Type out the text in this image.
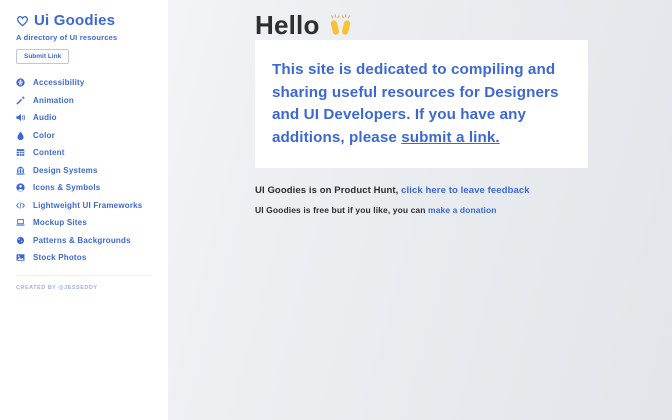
Ui Goodies
A directory of UI resources
Submit Link
Accessibility
Animation
Audio
Color
Content
Design Systems
Icons & Symbols
Lightweight UI Frameworks
Mockup Sites
Patterns & Backgrounds
Stock Photos
CREATED BY @JESSEDDY
Hello

This site is dedicated to compiling and sharing useful resources for Designers and UI Developers. If you have any additions, please submit a link.

UI Goodies is on Product Hunt, click here to leave feedback
UI Goodies is free but if you like, you can make a donation
